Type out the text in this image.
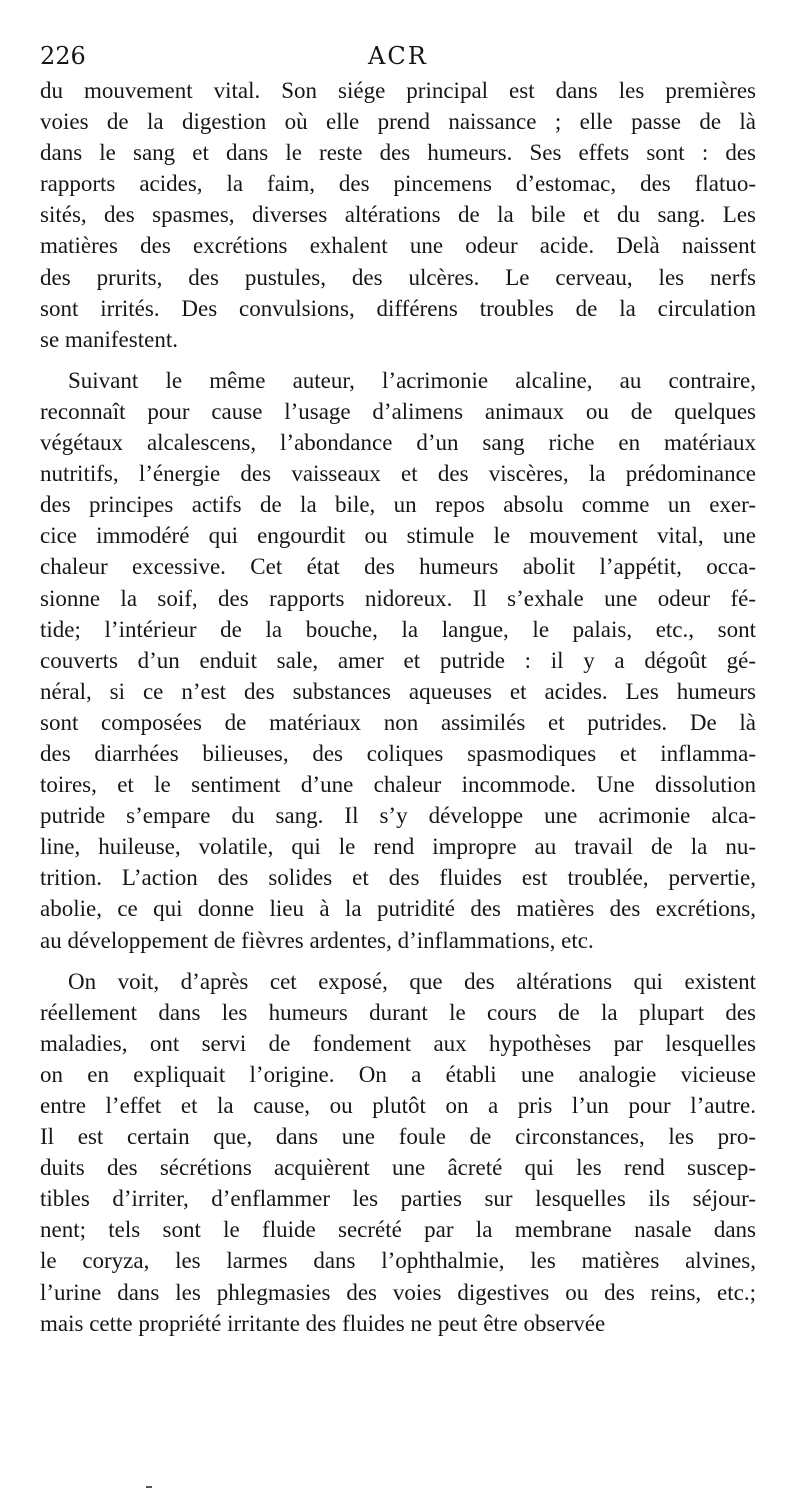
226	ACR
du mouvement vital. Son siége principal est dans les premières
voies de la digestion où elle prend naissance ; elle passe de là
dans le sang et dans le reste des humeurs. Ses effets sont : des
rapports acides, la faim, des pincemens d’estomac, des flatuo-
sités, des spasmes, diverses altérations de la bile et du sang. Les
matières des excrétions exhalent une odeur acide. Delà naissent
des prurits, des pustules, des ulcères. Le cerveau, les nerfs
sont irrités. Des convulsions, différens troubles de la circulation
se manifestent.
Suivant le même auteur, l’acrimonie alcaline, au contraire,
reconnaît pour cause l’usage d’alimens animaux ou de quelques
végétaux alcalescens, l’abondance d’un sang riche en matériaux
nutritifs, l’énergie des vaisseaux et des viscères, la prédominance
des principes actifs de la bile, un repos absolu comme un exer-
cice immodéré qui engourdit ou stimule le mouvement vital, une
chaleur excessive. Cet état des humeurs abolit l’appétit, occa-
sionne la soif, des rapports nidoreux. Il s’exhale une odeur fé-
tide; l’intérieur de la bouche, la langue, le palais, etc., sont
couverts d’un enduit sale, amer et putride : il y a dégoût gé-
néral, si ce n’est des substances aqueuses et acides. Les humeurs
sont composées de matériaux non assimilés et putrides. De là
des diarrhées bilieuses, des coliques spasmodiques et inflamma-
toires, et le sentiment d’une chaleur incommode. Une dissolution
putride s’empare du sang. Il s’y développe une acrimonie alca-
line, huileuse, volatile, qui le rend impropre au travail de la nu-
trition. L’action des solides et des fluides est troublée, pervertie,
abolie, ce qui donne lieu à la putridité des matières des excrétions,
au développement de fièvres ardentes, d’inflammations, etc.
On voit, d’après cet exposé, que des altérations qui existent
réellement dans les humeurs durant le cours de la plupart des
maladies, ont servi de fondement aux hypothèses par lesquelles
on en expliquait l’origine. On a établi une analogie vicieuse
entre l’effet et la cause, ou plutôt on a pris l’un pour l’autre.
Il est certain que, dans une foule de circonstances, les pro-
duits des sécrétions acquièrent une âcreté qui les rend suscep-
tibles d’irriter, d’enflammer les parties sur lesquelles ils séjour-
nent; tels sont le fluide secrété par la membrane nasale dans
le coryza, les larmes dans l’ophthalmie, les matières alvines,
l’urine dans les phlegmasies des voies digestives ou des reins, etc.;
mais cette propriété irritante des fluides ne peut être observée
